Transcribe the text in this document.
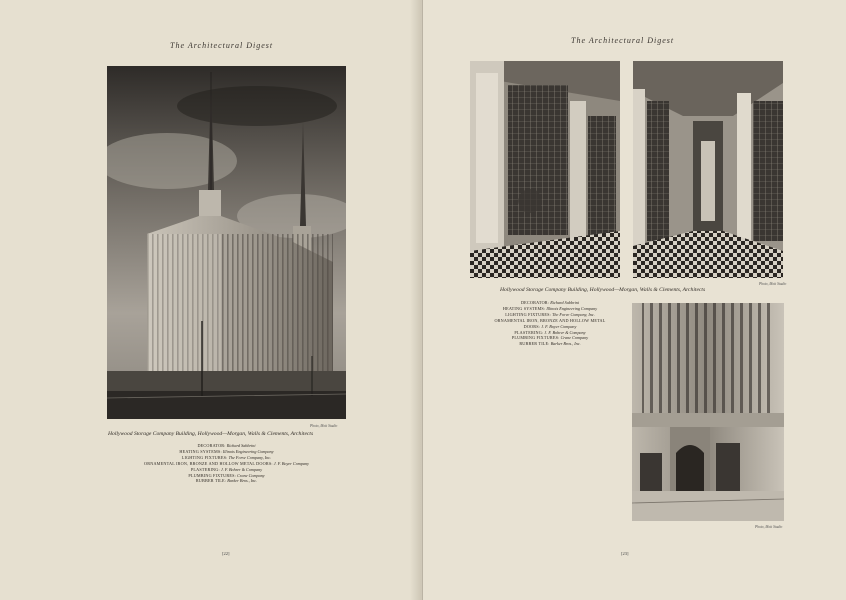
The Architectural Digest
Photo, Mott Studio
Hollywood Storage Company Building, Hollywood—Morgan, Walls & Clements, Architects
DECORATOR: Richard Sabbrini
HEATING SYSTEMS: Illinois Engineering Company
LIGHTING FIXTURES: The Forve Company, Inc.
ORNAMENTAL IRON, BRONZE AND HOLLOW METAL DOORS: J. F. Boyer Company
PLASTERING: J. F. Bohrer & Company
PLUMBING FIXTURES: Crane Company
RUBBER TILE: Barker Bros., Inc.
[22]
The Architectural Digest
Photo, Mott Studio
Hollywood Storage Company Building, Hollywood—Morgan, Walls & Clements, Architects
DECORATOR: Richard Sabbrini
HEATING SYSTEMS: Illinois Engineering Company
LIGHTING FIXTURES: The Forve Company, Inc.
ORNAMENTAL IRON, BRONZE AND HOLLOW METAL
DOORS: J. F. Boyer Company
PLASTERING: J. F. Bohrer & Company
PLUMBING FIXTURES: Crane Company
RUBBER TILE: Barker Bros., Inc.
Photo, Mott Studio
[23]
